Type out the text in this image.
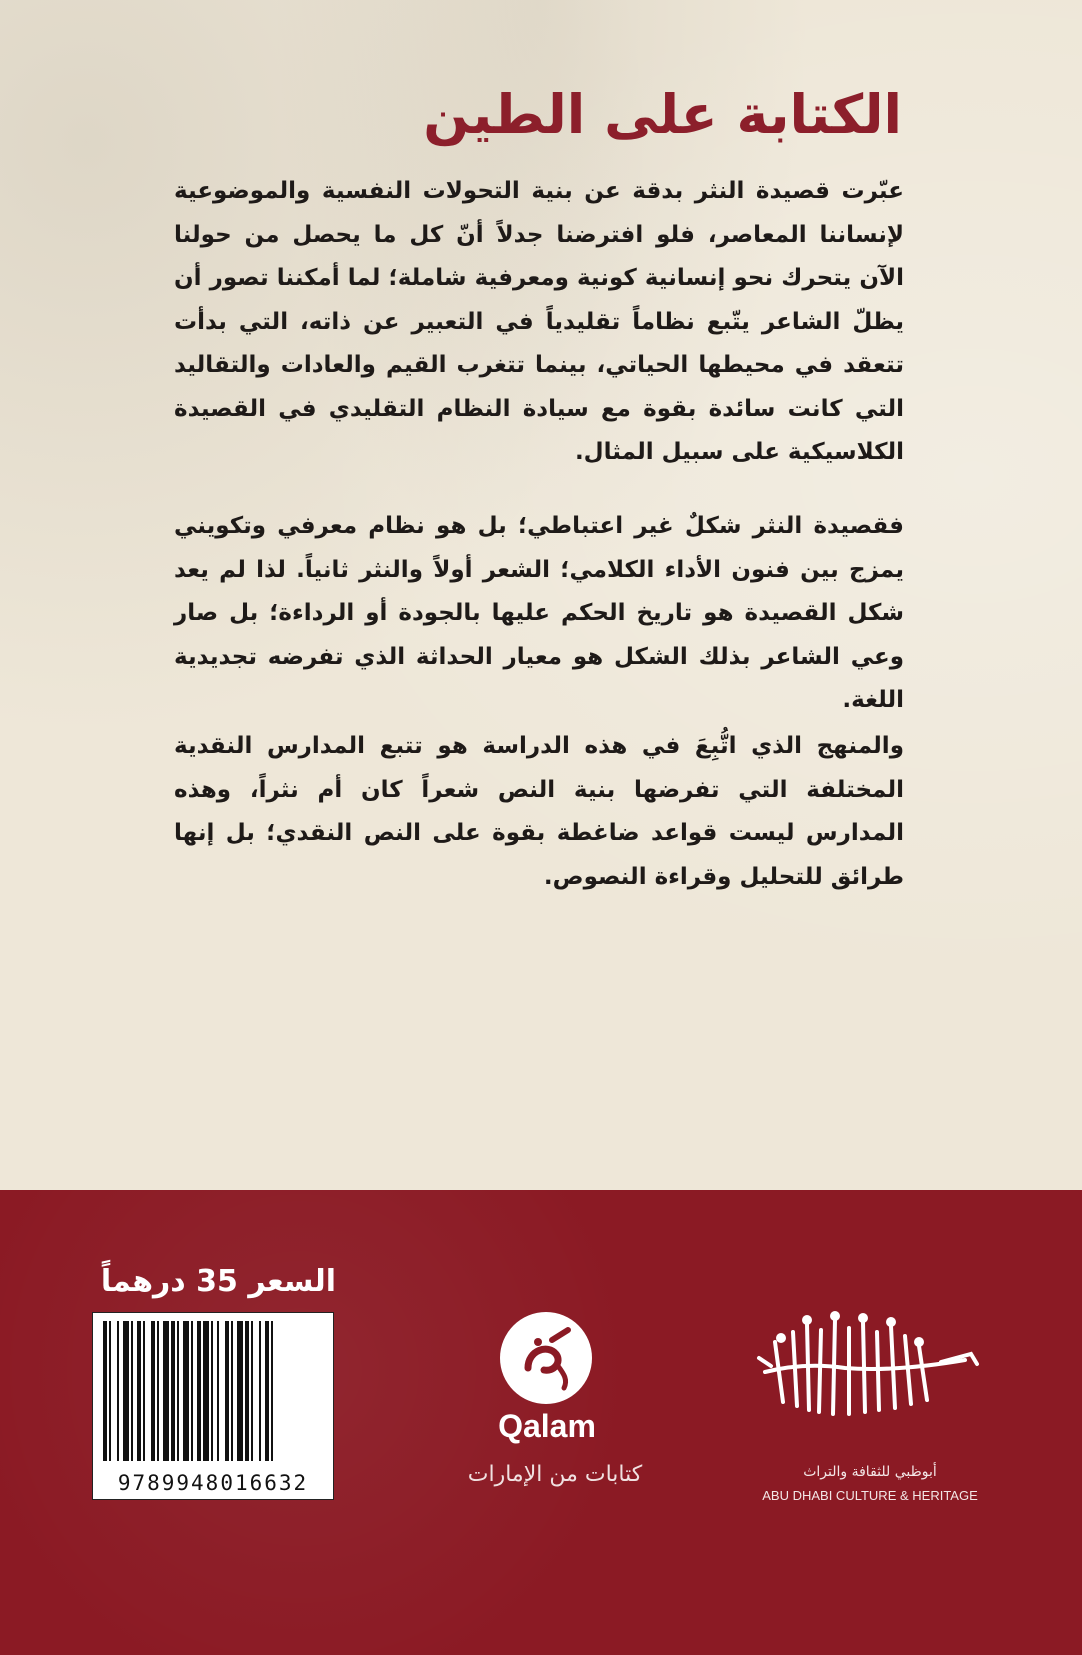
الكتابة على الطين

عبّرت قصيدة النثر بدقة عن بنية التحولات النفسية والموضوعية لإنساننا المعاصر، فلو افترضنا جدلاً أنّ كل ما يحصل من حولنا الآن يتحرك نحو إنسانية كونية ومعرفية شاملة؛ لما أمكننا تصور أن يظلّ الشاعر يتّبع نظاماً تقليدياً في التعبير عن ذاته، التي بدأت تتعقد في محيطها الحياتي، بينما تتغرب القيم والعادات والتقاليد التي كانت سائدة بقوة مع سيادة النظام التقليدي في القصيدة الكلاسيكية على سبيل المثال.

فقصيدة النثر شكلٌ غير اعتباطي؛ بل هو نظام معرفي وتكويني يمزج بين فنون الأداء الكلامي؛ الشعر أولاً والنثر ثانياً. لذا لم يعد شكل القصيدة هو تاريخ الحكم عليها بالجودة أو الرداءة؛ بل صار وعي الشاعر بذلك الشكل هو معيار الحداثة الذي تفرضه تجديدية اللغة.

والمنهج الذي اتُّبِعَ في هذه الدراسة هو تتبع المدارس النقدية المختلفة التي تفرضها بنية النص شعراً كان أم نثراً، وهذه المدارس ليست قواعد ضاغطة بقوة على النص النقدي؛ بل إنها طرائق للتحليل وقراءة النصوص.

السعر 35 درهماً

9789948016632

Qalam

كتابات من الإمارات	أبوظبي للثقافة والتراث

ABU DHABI CULTURE & HERITAGE
